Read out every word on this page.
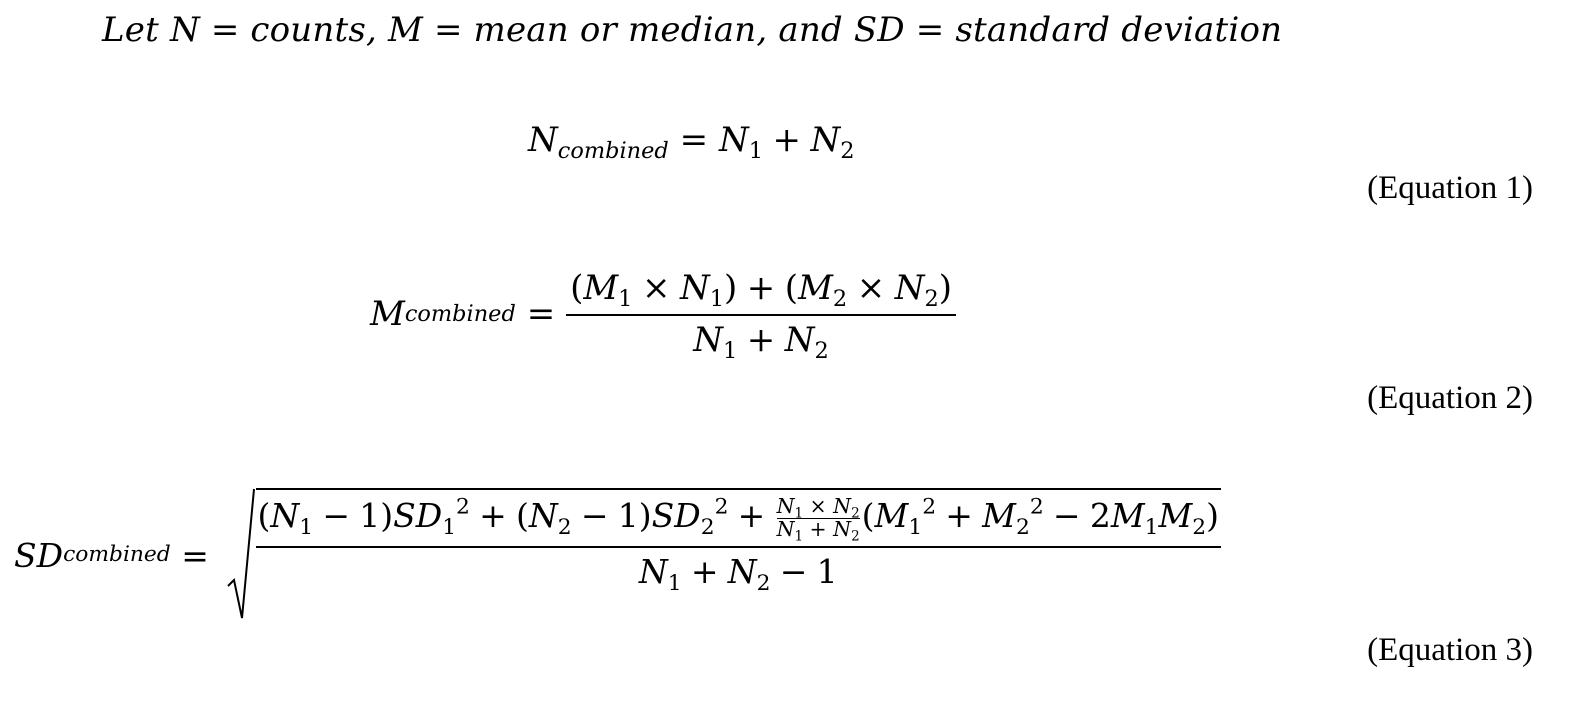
Let N = counts, M = mean or median, and SD = standard deviation
$N_{combined} = N_1 + N_2$
(Equation 1)
M combined = $\frac{(M_1 \times N_1) + (M_2 \times N_2)}{N_1 + N_2}$
(Equation 2)
SD combined =	$\frac{(N_1 - 1)SD_1^2 + (N_2 - 1)SD_2^2 + \frac{N_1 \times N_2}{N_1 + N_2} (M_1^2 + M_2^2 - 2M_1M_2)}{N_1 + N_2 - 1}$
(Equation 3)
